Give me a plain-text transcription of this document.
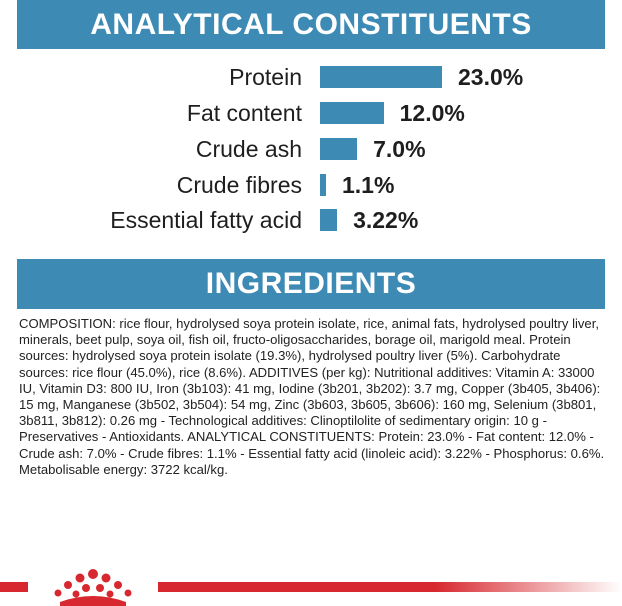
ANALYTICAL CONSTITUENTS
Protein	23.0%
Fat content	12.0%
Crude ash	7.0%
Crude fibres 1.1%
Essential fatty acid 3.22%
INGREDIENTS
COMPOSITION: rice flour, hydrolysed soya protein isolate, rice, animal fats, hydrolysed poultry liver, minerals, beet pulp, soya oil, fish oil, fructo-oligosaccharides, borage oil, marigold meal. Protein sources: hydrolysed soya protein isolate (19.3%), hydrolysed poultry liver (5%). Carbohydrate sources: rice flour (45.0%), rice (8.6%). ADDITIVES (per kg): Nutritional additives: Vitamin A: 33000 IU, Vitamin D3: 800 IU, Iron (3b103): 41 mg, Iodine (3b201, 3b202): 3.7 mg, Copper (3b405, 3b406): 15 mg, Manganese (3b502, 3b504): 54 mg, Zinc (3b603, 3b605, 3b606): 160 mg, Selenium (3b801, 3b811, 3b812): 0.26 mg - Technological additives: Clinoptilolite of sedimentary origin: 10 g - Preservatives - Antioxidants. ANALYTICAL CONSTITUENTS: Protein: 23.0% - Fat content: 12.0% - Crude ash: 7.0% - Crude fibres: 1.1% - Essential fatty acid (linoleic acid): 3.22% - Phosphorus: 0.6%. Metabolisable energy: 3722 kcal/kg.
